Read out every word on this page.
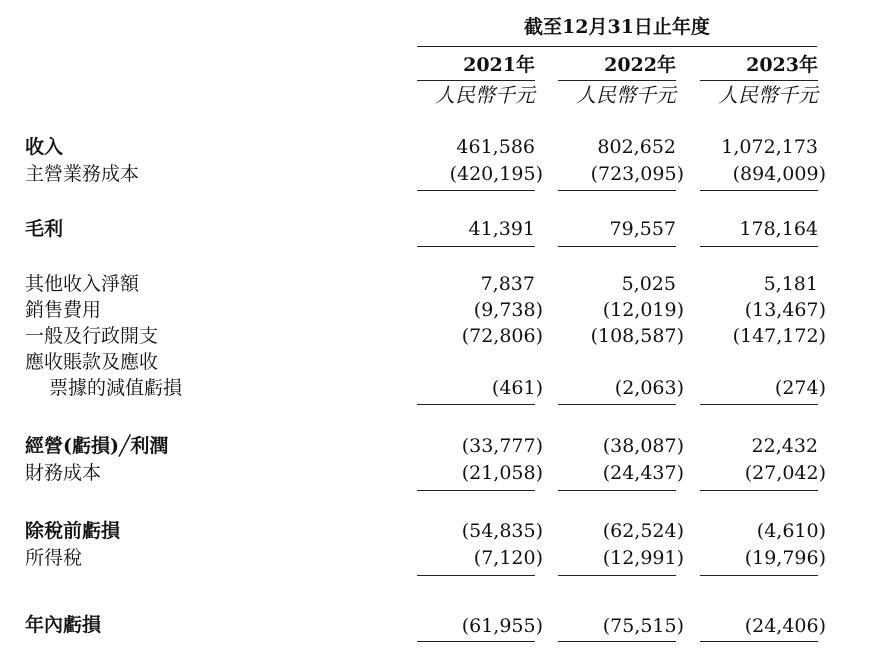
截至12月31日止年度
2021年	2022年	2023年
人民幣千元	人民幣千元	人民幣千元
收入	461,586	802,652	1,072,173
主營業務成本	(420,195)	(723,095)	(894,009)
毛利	41,391	79,557	178,164
其他收入淨額	7,837	5,025	5,181
銷售費用	(9,738)	(12,019)	(13,467)
一般及行政開支	(72,806)	(108,587)	(147,172)
應收賬款及應收
票據的減值虧損	(461)	(2,063)	(274)
經營(虧損)╱利潤	(33,777)	(38,087)	22,432
財務成本	(21,058)	(24,437)	(27,042)
除稅前虧損	(54,835)	(62,524)	(4,610)
所得稅	(7,120)	(12,991)	(19,796)
年內虧損	(61,955)	(75,515)	(24,406)
